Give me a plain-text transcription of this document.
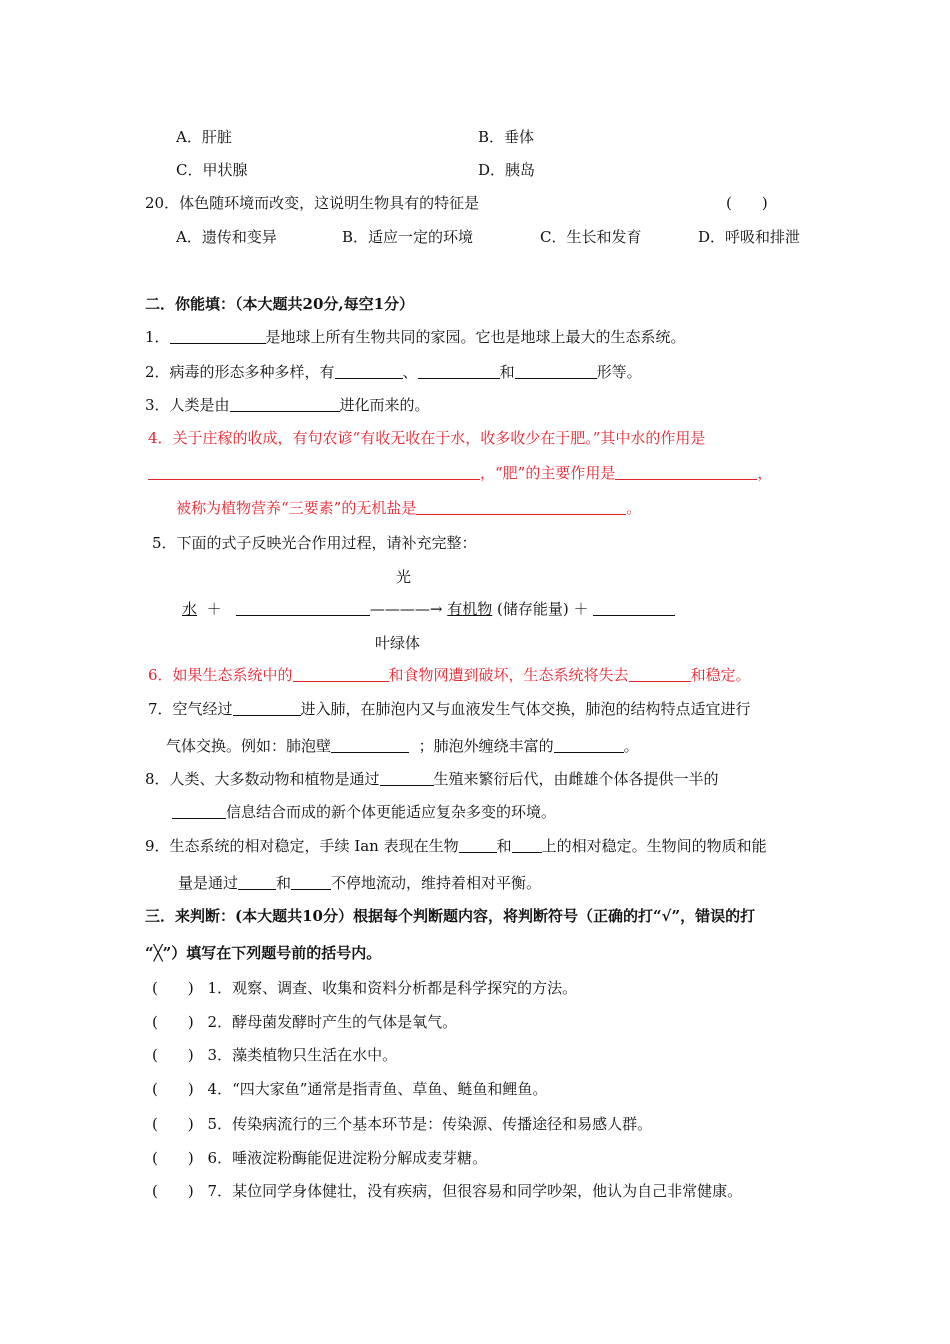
A．肝脏	B．垂体
C．甲状腺	D．胰岛
20．体色随环境而改变，这说明生物具有的特征是	(　　)
A．遗传和变异	B．适应一定的环境	C．生长和发育	D．呼吸和排泄
二．你能填：（本大题共20分,每空1分）
1．	是地球上所有生物共同的家园。它也是地球上最大的生态系统。
2．病毒的形态多种多样，有	、	和	形等。
3．人类是由	进化而来的。
4．关于庄稼的收成，有句农谚“有收无收在于水，收多收少在于肥。”其中水的作用是
，“肥”的主要作用是	，
被称为植物营养“三要素”的无机盐是	。
5．下面的式子反映光合作用过程，请补充完整：
光
水 ＋	————→ 有机物 (储存能量) ＋
叶绿体
6．如果生态系统中的	和食物网遭到破坏，生态系统将失去	和稳定。
7．空气经过	进入肺，在肺泡内又与血液发生气体交换，肺泡的结构特点适宜进行
气体交换。例如：肺泡壁	；肺泡外缠绕丰富的	。
8．人类、大多数动物和植物是通过	生殖来繁衍后代，由雌雄个体各提供一半的
信息结合而成的新个体更能适应复杂多变的环境。
9．生态系统的相对稳定，手续 Ian 表现在生物	和 上的相对稳定。生物间的物质和能
量是通过	和	不停地流动，维持着相对平衡。
三．来判断：(本大题共10分）根据每个判断题内容，将判断符号（正确的打“√”，错误的打
“╳”）填写在下列题号前的括号内。
(　　) 1．观察、调查、收集和资料分析都是科学探究的方法。
(　　) 2．酵母菌发酵时产生的气体是氧气。
(　　) 3．藻类植物只生活在水中。
(　　) 4．“四大家鱼”通常是指青鱼、草鱼、鲢鱼和鲤鱼。
(　　) 5．传染病流行的三个基本环节是：传染源、传播途径和易感人群。
(　　) 6．唾液淀粉酶能促进淀粉分解成麦芽糖。
(　　) 7．某位同学身体健壮，没有疾病，但很容易和同学吵架，他认为自己非常健康。
